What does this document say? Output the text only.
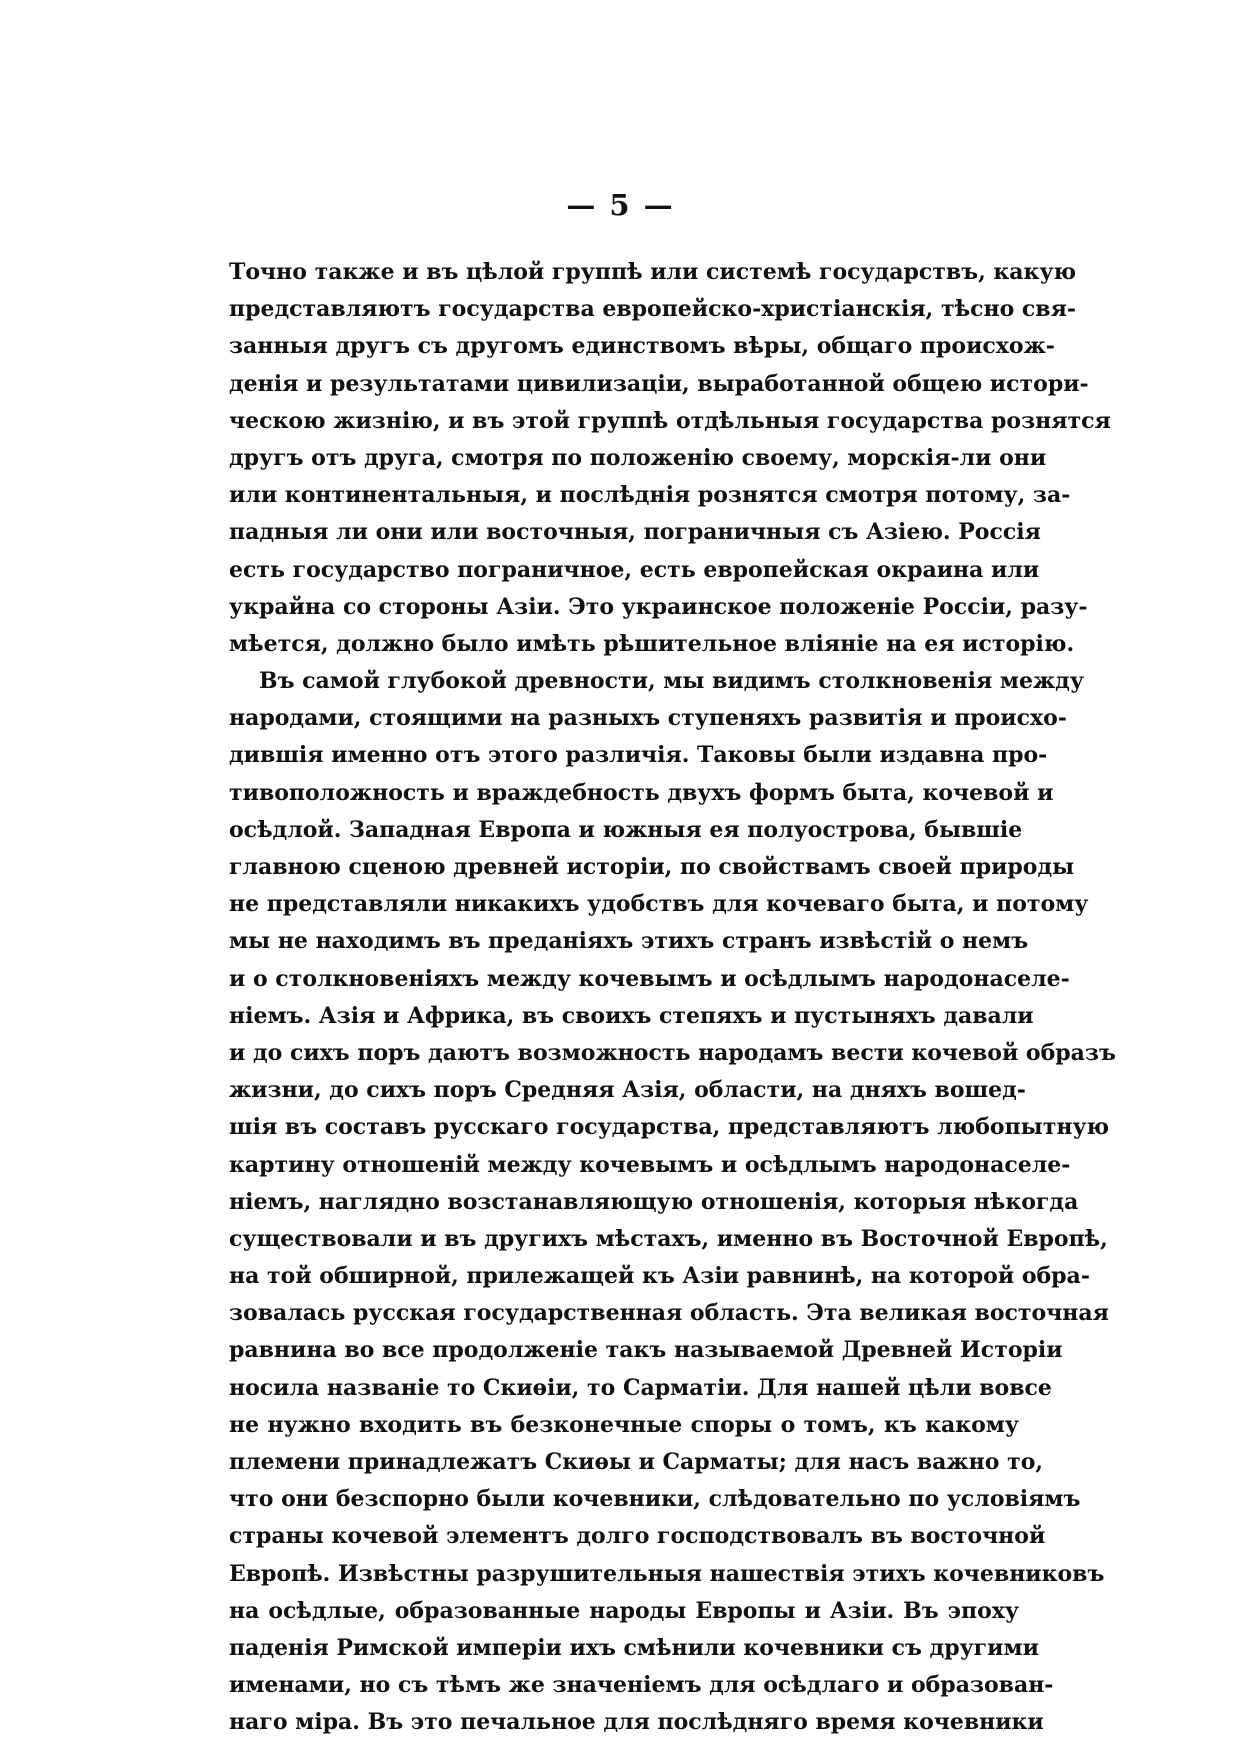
— 5 —
Точно также и въ цѣлой группѣ или системѣ государствъ, какую
представляютъ государства европейско-христіанскія, тѣсно свя-
занныя другъ съ другомъ единствомъ вѣры, общаго происхож-
денія и результатами цивилизаціи, выработанной общею истори-
ческою жизнію, и въ этой группѣ отдѣльныя государства рознятся
другъ отъ друга, смотря по положенію своему, морскія-ли они
или континентальныя, и послѣднія рознятся смотря потому, за-
падныя ли они или восточныя, пограничныя съ Азіею. Россія
есть государство пограничное, есть европейская окраина или
украйна со стороны Азіи. Это украинское положеніе Россіи, разу-
мѣется, должно было имѣть рѣшительное вліяніе на ея исторію.
Въ самой глубокой древности, мы видимъ столкновенія между
народами, стоящими на разныхъ ступеняхъ развитія и происхо-
дившія именно отъ этого различія. Таковы были издавна про-
тивоположность и враждебность двухъ формъ быта, кочевой и
осѣдлой. Западная Европа и южныя ея полуострова, бывшіе
главною сценою древней исторіи, по свойствамъ своей природы
не представляли никакихъ удобствъ для кочеваго быта, и потому
мы не находимъ въ преданіяхъ этихъ странъ извѣстій о немъ
и о столкновеніяхъ между кочевымъ и осѣдлымъ народонаселе-
ніемъ. Азія и Африка, въ своихъ степяхъ и пустыняхъ давали
и до сихъ поръ даютъ возможность народамъ вести кочевой образъ
жизни, до сихъ поръ Средняя Азія, области, на дняхъ вошед-
шія въ составъ русскаго государства, представляютъ любопытную
картину отношеній между кочевымъ и осѣдлымъ народонаселе-
ніемъ, наглядно возстанавляющую отношенія, которыя нѣкогда
существовали и въ другихъ мѣстахъ, именно въ Восточной Европѣ,
на той обширной, прилежащей къ Азіи равнинѣ, на которой обра-
зовалась русская государственная область. Эта великая восточная
равнина во все продолженіе такъ называемой Древней Исторіи
носила названіе то Скиѳіи, то Сарматіи. Для нашей цѣли вовсе
не нужно входить въ безконечные споры о томъ, къ какому
племени принадлежатъ Скиѳы и Сарматы; для насъ важно то,
что они безспорно были кочевники, слѣдовательно по условіямъ
страны кочевой элементъ долго господствовалъ въ восточной
Европѣ. Извѣстны разрушительныя нашествія этихъ кочевниковъ
на осѣдлые, образованные народы Европы и Азіи. Въ эпоху
паденія Римской имперіи ихъ смѣнили кочевники съ другими
именами, но съ тѣмъ же значеніемъ для осѣдлаго и образован-
наго міра. Въ это печальное для послѣдняго время кочевники
